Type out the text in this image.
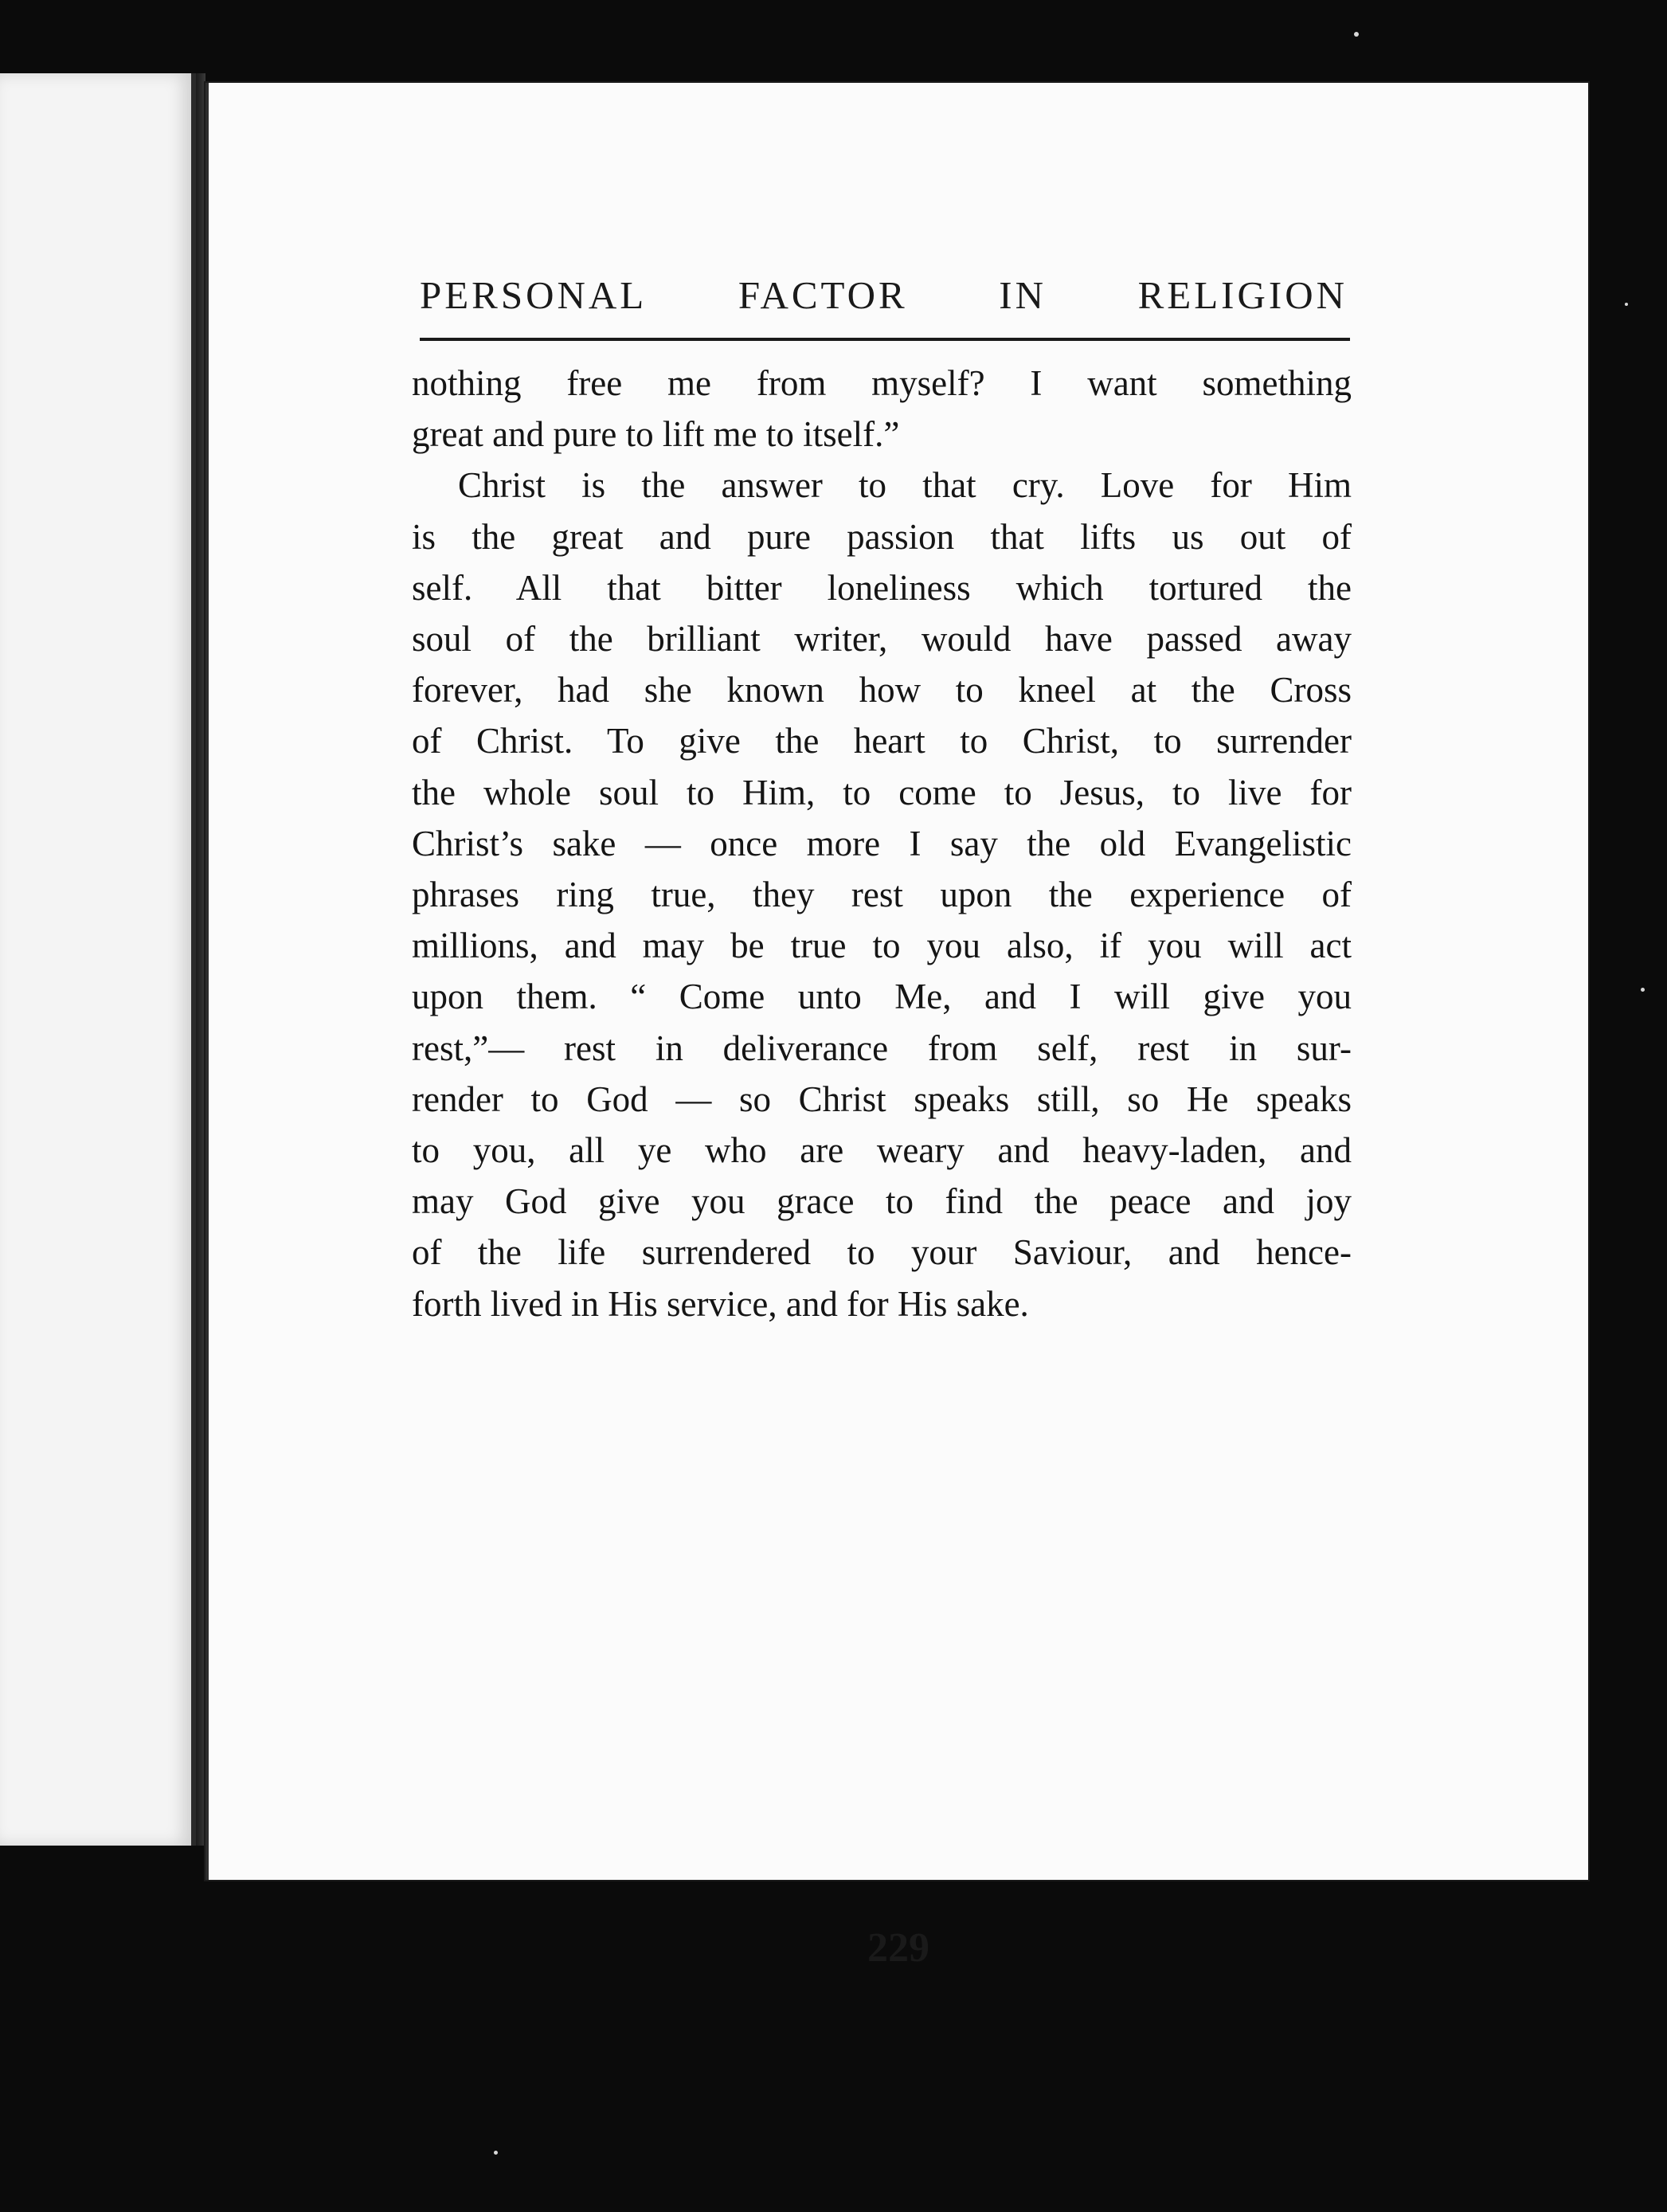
PERSONAL FACTOR IN RELIGION
nothing free me from myself? I want something
great and pure to lift me to itself.”
Christ is the answer to that cry. Love for Him
is the great and pure passion that lifts us out of
self. All that bitter loneliness which tortured the
soul of the brilliant writer, would have passed away
forever, had she known how to kneel at the Cross
of Christ. To give the heart to Christ, to surrender
the whole soul to Him, to come to Jesus, to live for
Christ’s sake — once more I say the old Evangelistic
phrases ring true, they rest upon the experience of
millions, and may be true to you also, if you will act
upon them. “ Come unto Me, and I will give you
rest,”— rest in deliverance from self, rest in sur-
render to God — so Christ speaks still, so He speaks
to you, all ye who are weary and heavy-laden, and
may God give you grace to find the peace and joy
of the life surrendered to your Saviour, and hence-
forth lived in His service, and for His sake.
229
